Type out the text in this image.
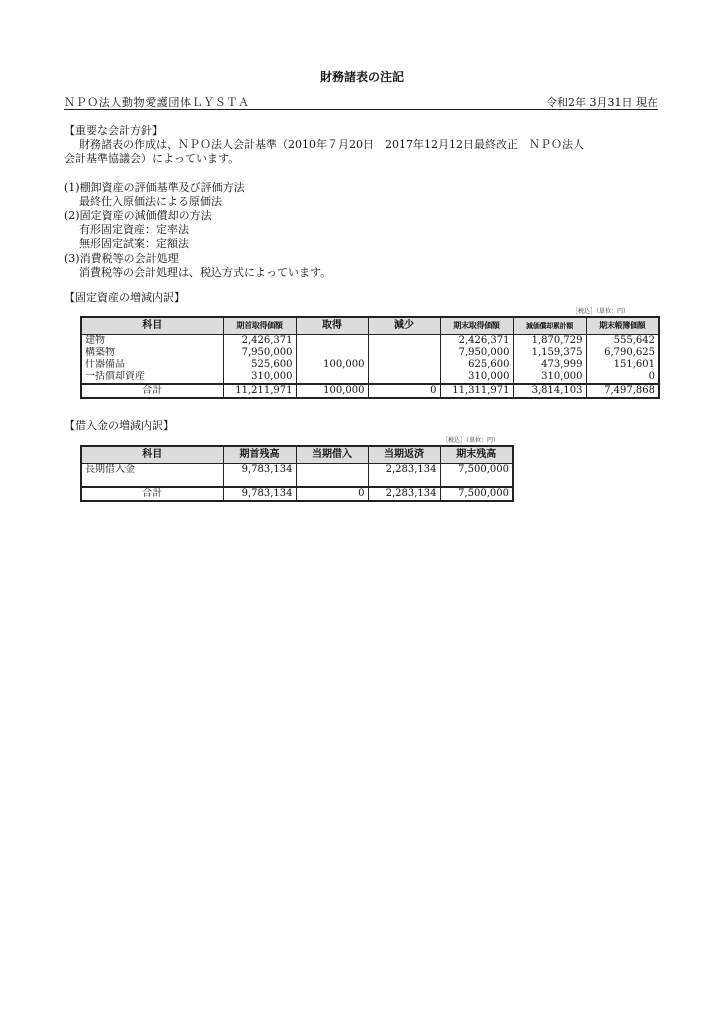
財務諸表の注記
ＮＰＯ法人動物愛護団体ＬＹＳＴＡ	令和2年 3月31日 現在
【重要な会計方針】
財務諸表の作成は、ＮＰＯ法人会計基準（2010年７月20日　2017年12月12日最終改正　ＮＰＯ法人
会計基準協議会）によっています。
(1)棚卸資産の評価基準及び評価方法
最終仕入原価法による原価法
(2)固定資産の減価償却の方法
有形固定資産：定率法
無形固定試案：定額法
(3)消費税等の会計処理
消費税等の会計処理は、税込方式によっています。
【固定資産の増減内訳】
［税込］（単位：円）
科目	期首取得価額	取得	減少	期末取得価額	減価償却累計額	期末帳簿価額
建物	2,426,371			2,426,371	1,870,729	555,642
構築物	7,950,000			7,950,000	1,159,375	6,790,625
什器備品	525,600	100,000		625,600	473,999	151,601
一括償却資産	310,000			310,000	310,000	0
合計	11,211,971	100,000	0	11,311,971	3,814,103	7,497,868
【借入金の増減内訳】
［税込］（単位：円）
科目	期首残高	当期借入	当期返済	期末残高
長期借入金	9,783,134		2,283,134	7,500,000

合計	9,783,134	0	2,283,134	7,500,000
